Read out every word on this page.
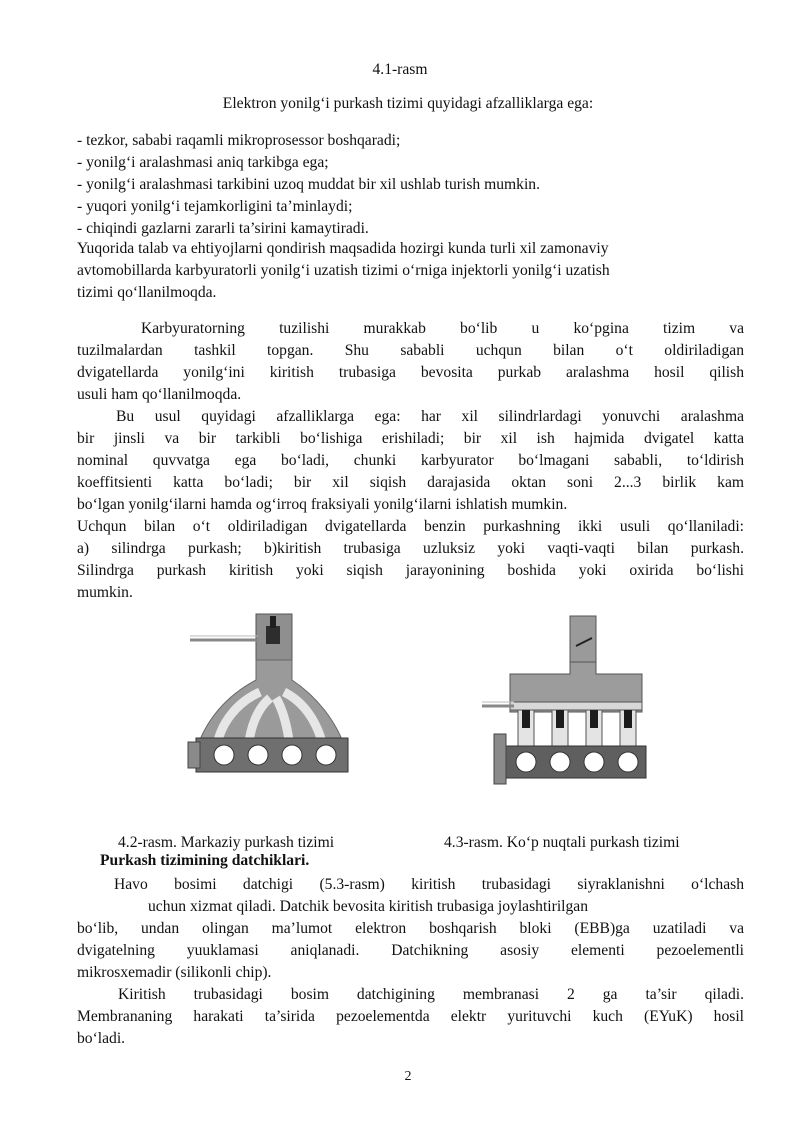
4.1-rasm

Elektron yonilg‘i purkash tizimi quyidagi afzalliklarga ega:

- tezkor, sababi raqamli mikroprosessor boshqaradi;

- yonilg‘i aralashmasi aniq tarkibga ega;

- yonilg‘i aralashmasi tarkibini uzoq muddat bir xil ushlab turish mumkin.

- yuqori yonilg‘i tejamkorligini ta’minlaydi;

- chiqindi gazlarni zararli ta’sirini kamaytiradi.

Yuqorida talab va ehtiyojlarni qondirish maqsadida hozirgi kunda turli xil zamonaviy

avtomobillarda karbyuratorli yonilg‘i uzatish tizimi o‘rniga injektorli yonilg‘i uzatish

tizimi qo‘llanilmoqda.

Karbyuratorning tuzilishi murakkab bo‘lib u ko‘pgina tizim va

tuzilmalardan tashkil topgan. Shu sababli uchqun bilan o‘t oldiriladigan

dvigatellarda yonilg‘ini kiritish trubasiga bevosita purkab aralashma hosil qilish

usuli ham qo‘llanilmoqda.

Bu usul quyidagi afzalliklarga ega: har xil silindrlardagi yonuvchi aralashma

bir jinsli va bir tarkibli bo‘lishiga erishiladi; bir xil ish hajmida dvigatel katta

nominal quvvatga ega bo‘ladi, chunki karbyurator bo‘lmagani sababli, to‘ldirish

koeffitsienti katta bo‘ladi; bir xil siqish darajasida oktan soni 2...3 birlik kam

bo‘lgan yonilg‘ilarni hamda og‘irroq fraksiyali yonilg‘ilarni ishlatish mumkin.

Uchqun bilan o‘t oldiriladigan dvigatellarda benzin purkashning ikki usuli qo‘llaniladi:

a) silindrga purkash; b)kiritish trubasiga uzluksiz yoki vaqti-vaqti bilan purkash.

Silindrga purkash kiritish yoki siqish jarayonining boshida yoki oxirida bo‘lishi

mumkin.

4.2-rasm. Markaziy purkash tizimi	4.3-rasm. Ko‘p nuqtali purkash tizimi

Purkash tizimining datchiklari.

Havo bosimi datchigi (5.3-rasm) kiritish trubasidagi siyraklanishni o‘lchash

uchun xizmat qiladi. Datchik bevosita kiritish trubasiga joylashtirilgan

bo‘lib, undan olingan ma’lumot elektron boshqarish bloki (EBB)ga uzatiladi va

dvigatelning yuuklamasi aniqlanadi. Datchikning asosiy elementi pezoelementli

mikrosxemadir (silikonli chip).

Kiritish trubasidagi bosim datchigining membranasi 2 ga ta’sir qiladi.

Membrananing harakati ta’sirida pezoelementda elektr yurituvchi kuch (EYuK) hosil

bo‘ladi.

2
